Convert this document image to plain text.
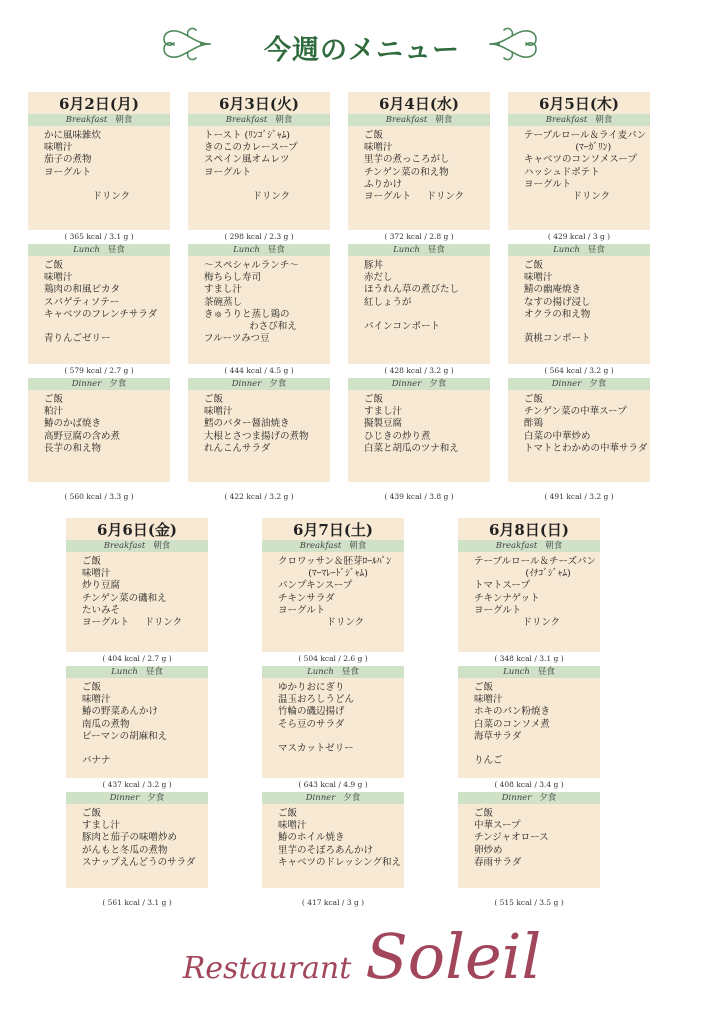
今週のメニュー
6月2日(月)
Breakfast 朝食
かに風味雑炊
味噌汁
茄子の煮物
ヨーグルト

ドリンク
( 365 kcal / 3.1 g )
Lunch 昼食
ご飯
味噌汁
鶏肉の和風ピカタ
スパゲティソテー
キャベツのフレンチサラダ

青りんごゼリー
( 579 kcal / 2.7 g )
Dinner 夕食
ご飯
粕汁
鰆のかば焼き
高野豆腐の含め煮
長芋の和え物
( 560 kcal / 3.3 g )
6月3日(火)
Breakfast 朝食
トースト (ﾘﾝｺﾞｼﾞｬﾑ)
きのこのカレースープ
スペイン風オムレツ
ヨーグルト

ドリンク
( 298 kcal / 2.3 g )
Lunch 昼食
～スペシャルランチ～
梅ちらし寿司
すまし汁
茶碗蒸し
きゅうりと蒸し鶏の
わさび和え
フルーツみつ豆
( 444 kcal / 4.5 g )
Dinner 夕食
ご飯
味噌汁
鱈のバター醤油焼き
大根とさつま揚げの煮物
れんこんサラダ
( 422 kcal / 3.2 g )
6月4日(水)
Breakfast 朝食
ご飯
味噌汁
里芋の煮っころがし
チンゲン菜の和え物
ふりかけ
ヨーグルト     ドリンク
( 372 kcal / 2.8 g )
Lunch 昼食
豚丼
赤だし
ほうれん草の煮びたし
紅しょうが

パインコンポート
( 428 kcal / 3.2 g )
Dinner 夕食
ご飯
すまし汁
擬製豆腐
ひじきの炒り煮
白菜と胡瓜のツナ和え
( 439 kcal / 3.8 g )
6月5日(木)
Breakfast 朝食
テーブルロール＆ライ麦パン
(ﾏｰｶﾞﾘﾝ)
キャベツのコンソメスープ
ハッシュドポテト
ヨーグルト
ドリンク
( 429 kcal / 3 g )
Lunch 昼食
ご飯
味噌汁
鯖の幽庵焼き
なすの揚げ浸し
オクラの和え物

黄桃コンポート
( 564 kcal / 3.2 g )
Dinner 夕食
ご飯
チンゲン菜の中華スープ
酢鶏
白菜の中華炒め
トマトとわかめの中華サラダ
( 491 kcal / 3.2 g )
6月6日(金)
Breakfast 朝食
ご飯
味噌汁
炒り豆腐
チンゲン菜の磯和え
たいみそ
ヨーグルト     ドリンク
( 404 kcal / 2.7 g )
Lunch 昼食
ご飯
味噌汁
鰆の野菜あんかけ
南瓜の煮物
ピーマンの胡麻和え

バナナ
( 437 kcal / 3.2 g )
Dinner 夕食
ご飯
すまし汁
豚肉と茄子の味噌炒め
がんもと冬瓜の煮物
スナップえんどうのサラダ
( 561 kcal / 3.1 g )
6月7日(土)
Breakfast 朝食
クロワッサン＆胚芽ﾛｰﾙﾊﾟﾝ
(ﾏｰﾏﾚｰﾄﾞｼﾞｬﾑ)
パンプキンスープ
チキンサラダ
ヨーグルト
ドリンク
( 504 kcal / 2.6 g )
Lunch 昼食
ゆかりおにぎり
温玉おろしうどん
竹輪の磯辺揚げ
そら豆のサラダ

マスカットゼリー
( 643 kcal / 4.9 g )
Dinner 夕食
ご飯
味噌汁
鰆のホイル焼き
里芋のそぼろあんかけ
キャベツのドレッシング和え
( 417 kcal / 3 g )
6月8日(日)
Breakfast 朝食
テーブルロール＆チーズパン
(ｲﾁｺﾞｼﾞｬﾑ)
トマトスープ
チキンナゲット
ヨーグルト
ドリンク
( 348 kcal / 3.1 g )
Lunch 昼食
ご飯
味噌汁
ホキのパン粉焼き
白菜のコンソメ煮
海草サラダ

りんご
( 408 kcal / 3.4 g )
Dinner 夕食
ご飯
中華スープ
チンジャオロース
卵炒め
春雨サラダ
( 515 kcal / 3.5 g )
Restaurant Soleil
